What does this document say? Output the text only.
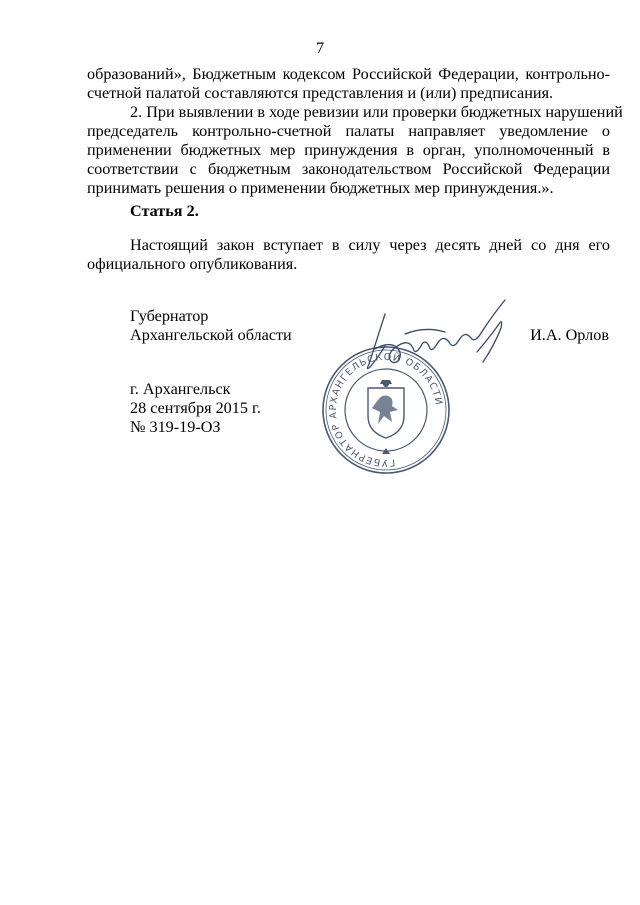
7

образований», Бюджетным кодексом Российской Федерации, контрольно-
счетной палатой составляются представления и (или) предписания.

2. При выявлении в ходе ревизии или проверки бюджетных нарушений
председатель контрольно-счетной палаты направляет уведомление о
применении бюджетных мер принуждения в орган, уполномоченный в
соответствии с бюджетным законодательством Российской Федерации
принимать решения о применении бюджетных мер принуждения.».

Статья 2.

Настоящий закон вступает в силу через десять дней со дня его
официального опубликования.

Губернатор
Архангельской области	И.А. Орлов
г. Архангельск
28 сентября 2015 г.
№ 319-19-ОЗ
ГУБЕРНАТОР АРХАНГЕЛЬСКОЙ ОБЛАСТИ
